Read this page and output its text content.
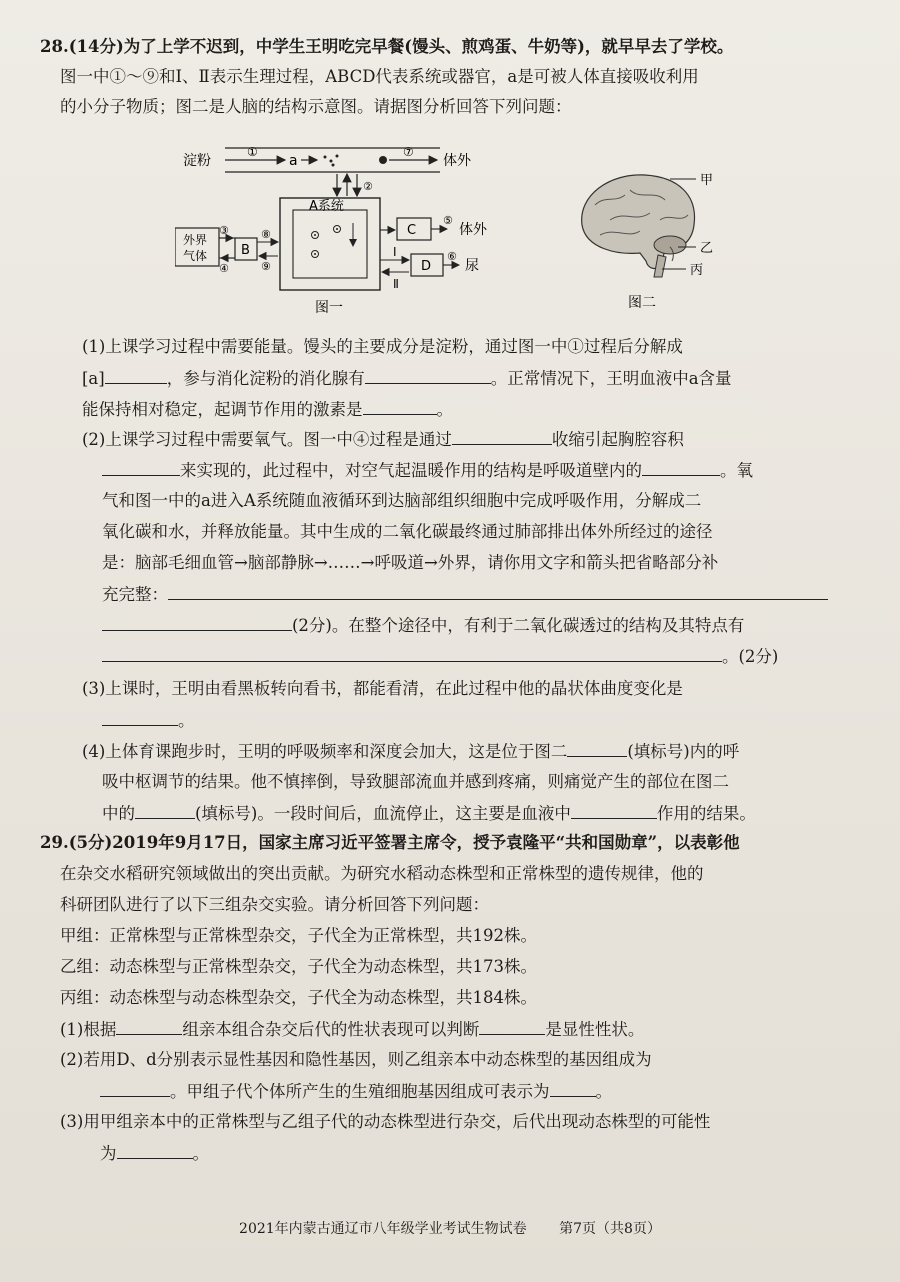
28.(14分)为了上学不迟到，中学生王明吃完早餐(馒头、煎鸡蛋、牛奶等)，就早早去了学校。
图一中①～⑨和Ⅰ、Ⅱ表示生理过程，ABCD代表系统或器官，a是可被人体直接吸收利用
的小分子物质；图二是人脑的结构示意图。请据图分析回答下列问题：
淀粉
①
a
⑦
体外
②
A系统
外界
气体
③
④
B
⑧
⑨
C
⑤
体外
Ⅰ
Ⅱ
D
⑥
尿
图一
甲
乙
丙
图二
(1)上课学习过程中需要能量。馒头的主要成分是淀粉，通过图一中①过程后分解成
[a]	，参与消化淀粉的消化腺有	。正常情况下，王明血液中a含量
能保持相对稳定，起调节作用的激素是	。
(2)上课学习过程中需要氧气。图一中④过程是通过	收缩引起胸腔容积
来实现的，此过程中，对空气起温暖作用的结构是呼吸道壁内的	。氧
气和图一中的a进入A系统随血液循环到达脑部组织细胞中完成呼吸作用，分解成二
氧化碳和水，并释放能量。其中生成的二氧化碳最终通过肺部排出体外所经过的途径
是：脑部毛细血管→脑部静脉→……→呼吸道→外界，请你用文字和箭头把省略部分补
充完整：
(2分)。在整个途径中，有利于二氧化碳透过的结构及其特点有
。(2分)
(3)上课时，王明由看黑板转向看书，都能看清，在此过程中他的晶状体曲度变化是
。
(4)上体育课跑步时，王明的呼吸频率和深度会加大，这是位于图二	(填标号)内的呼
吸中枢调节的结果。他不慎摔倒，导致腿部流血并感到疼痛，则痛觉产生的部位在图二
中的	(填标号)。一段时间后，血流停止，这主要是血液中	作用的结果。
29.(5分)2019年9月17日，国家主席习近平签署主席令，授予袁隆平“共和国勋章”，以表彰他
在杂交水稻研究领域做出的突出贡献。为研究水稻动态株型和正常株型的遗传规律，他的
科研团队进行了以下三组杂交实验。请分析回答下列问题：
甲组：正常株型与正常株型杂交，子代全为正常株型，共192株。
乙组：动态株型与正常株型杂交，子代全为动态株型，共173株。
丙组：动态株型与动态株型杂交，子代全为动态株型，共184株。
(1)根据	组亲本组合杂交后代的性状表现可以判断	是显性性状。
(2)若用D、d分别表示显性基因和隐性基因，则乙组亲本中动态株型的基因组成为
。甲组子代个体所产生的生殖细胞基因组成可表示为	。
(3)用甲组亲本中的正常株型与乙组子代的动态株型进行杂交，后代出现动态株型的可能性
为	。
2021年内蒙古通辽市八年级学业考试生物试卷 第7页（共8页）
